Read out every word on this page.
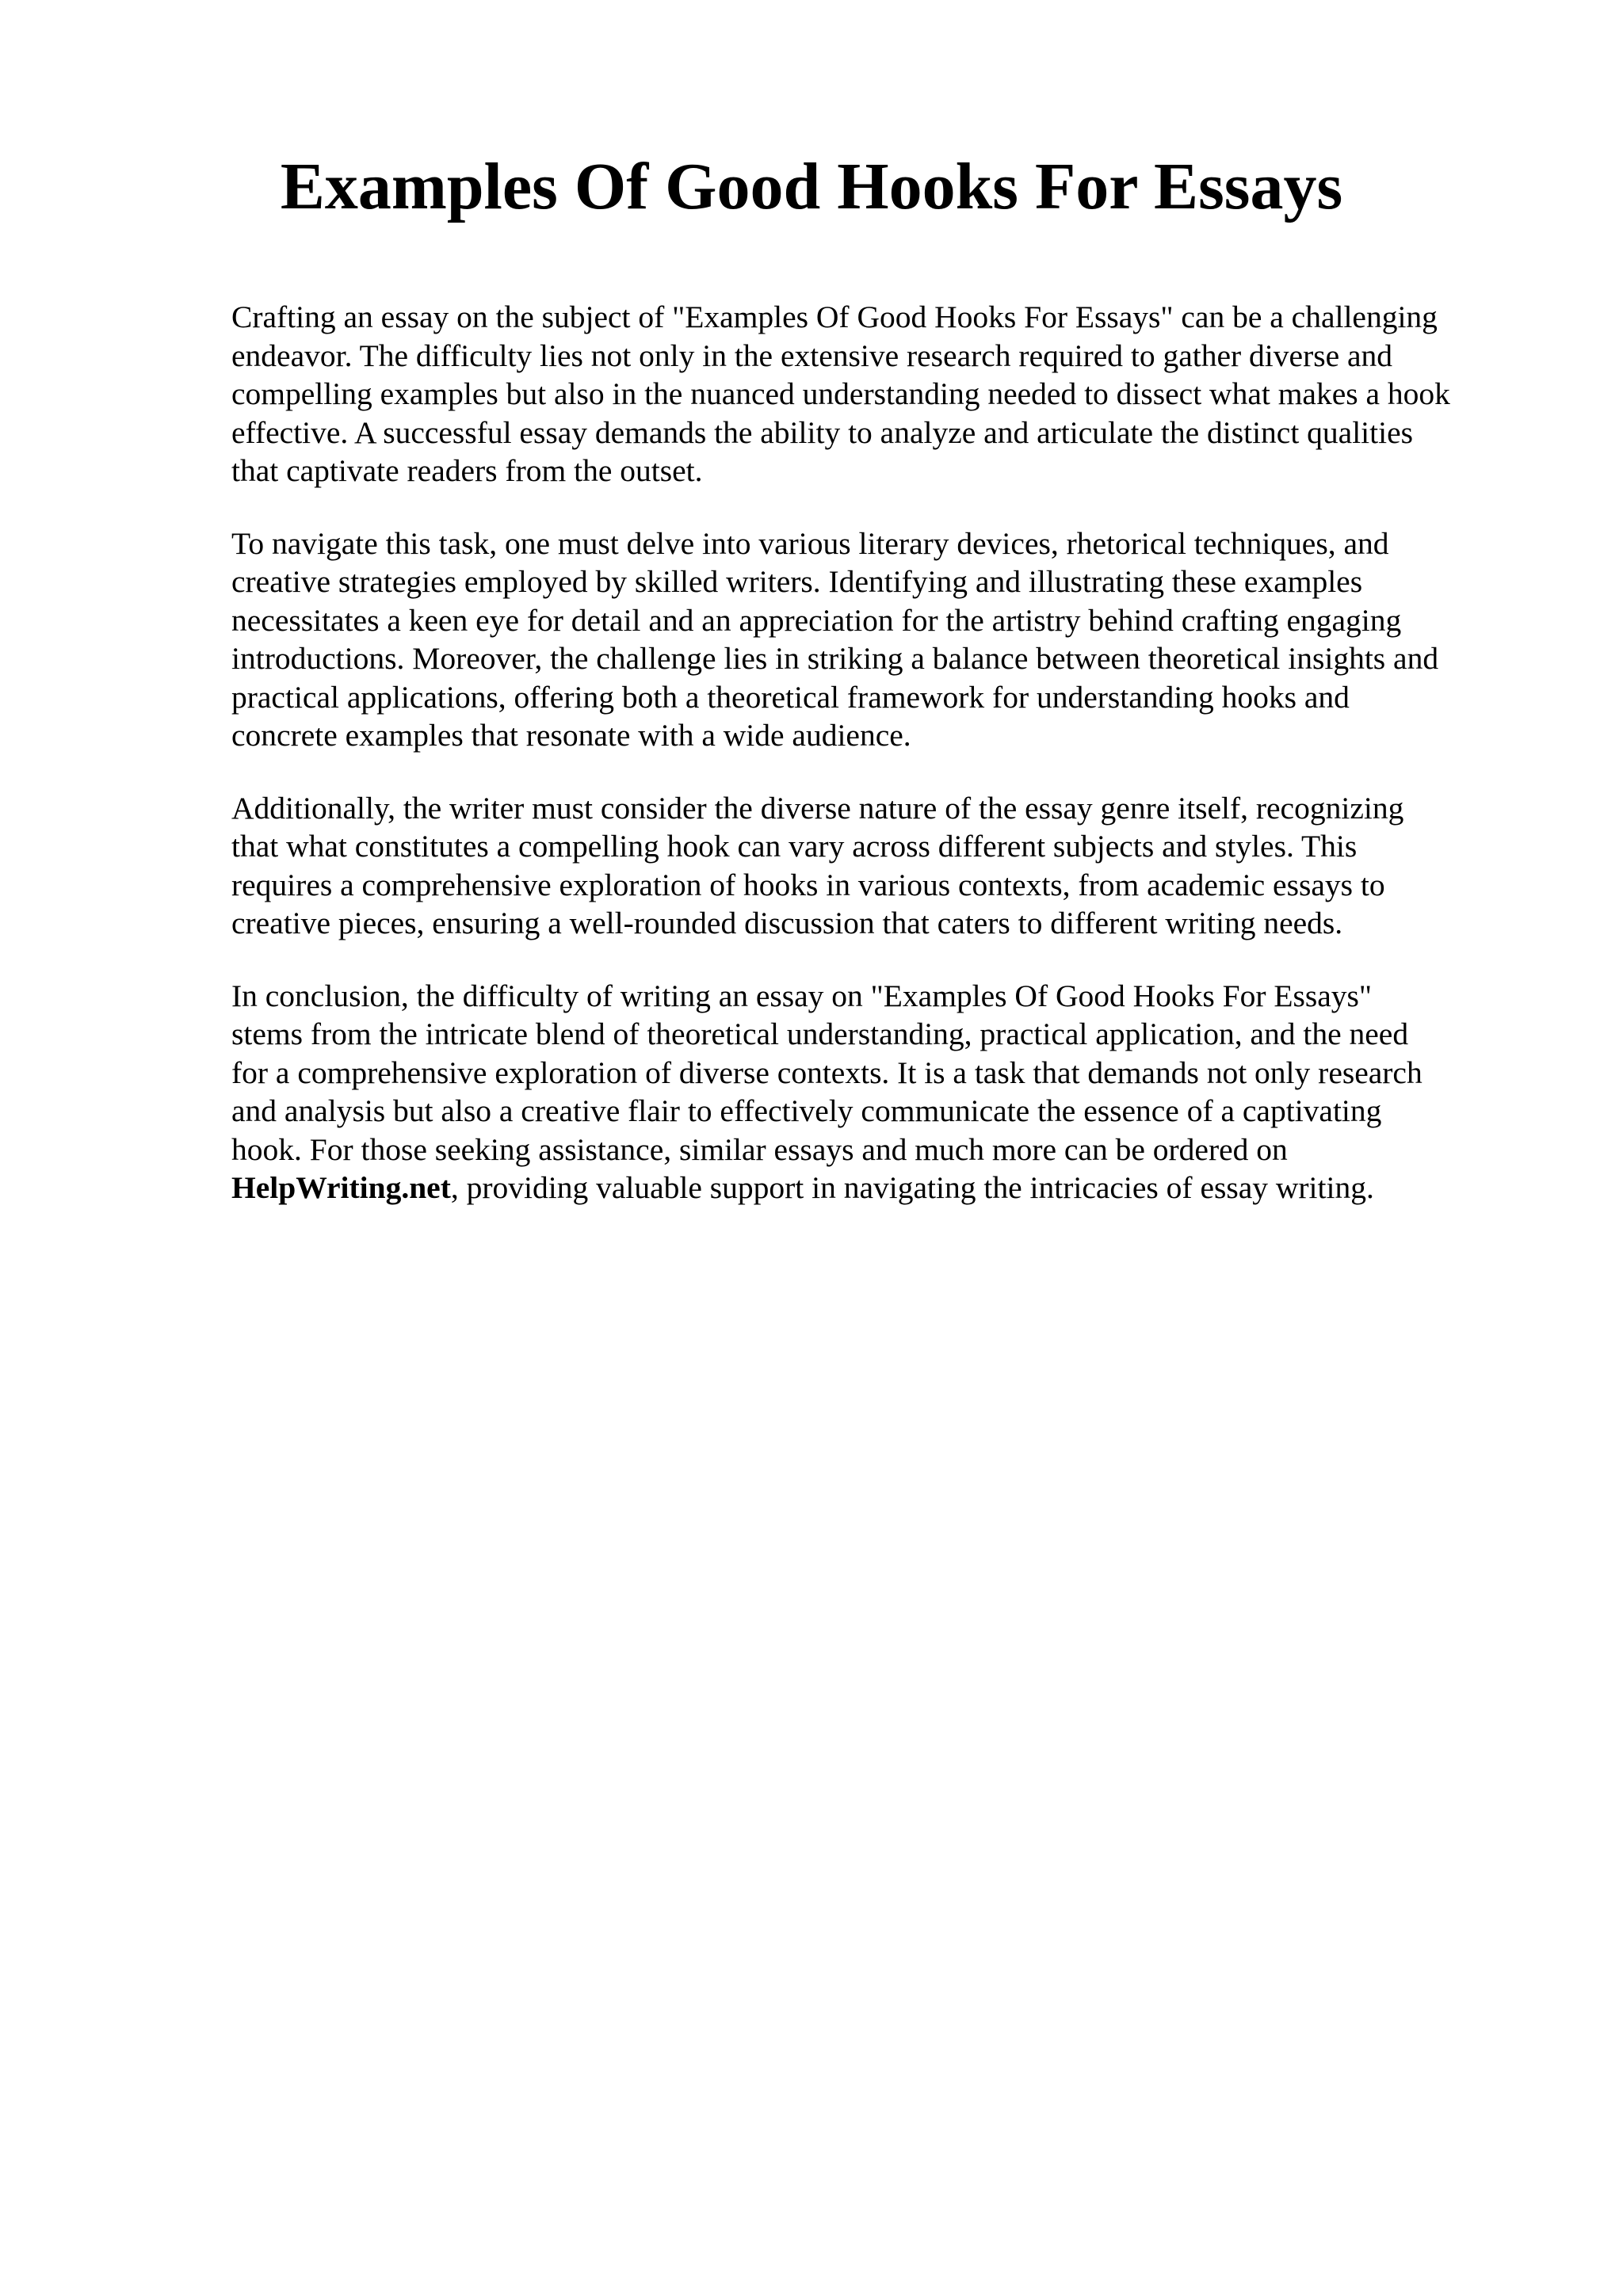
Examples Of Good Hooks For Essays

Crafting an essay on the subject of "Examples Of Good Hooks For Essays" can be a challenging
endeavor. The difficulty lies not only in the extensive research required to gather diverse and
compelling examples but also in the nuanced understanding needed to dissect what makes a hook
effective. A successful essay demands the ability to analyze and articulate the distinct qualities
that captivate readers from the outset.

To navigate this task, one must delve into various literary devices, rhetorical techniques, and
creative strategies employed by skilled writers. Identifying and illustrating these examples
necessitates a keen eye for detail and an appreciation for the artistry behind crafting engaging
introductions. Moreover, the challenge lies in striking a balance between theoretical insights and
practical applications, offering both a theoretical framework for understanding hooks and
concrete examples that resonate with a wide audience.

Additionally, the writer must consider the diverse nature of the essay genre itself, recognizing
that what constitutes a compelling hook can vary across different subjects and styles. This
requires a comprehensive exploration of hooks in various contexts, from academic essays to
creative pieces, ensuring a well-rounded discussion that caters to different writing needs.

In conclusion, the difficulty of writing an essay on "Examples Of Good Hooks For Essays"
stems from the intricate blend of theoretical understanding, practical application, and the need
for a comprehensive exploration of diverse contexts. It is a task that demands not only research
and analysis but also a creative flair to effectively communicate the essence of a captivating
hook. For those seeking assistance, similar essays and much more can be ordered on
HelpWriting.net, providing valuable support in navigating the intricacies of essay writing.
